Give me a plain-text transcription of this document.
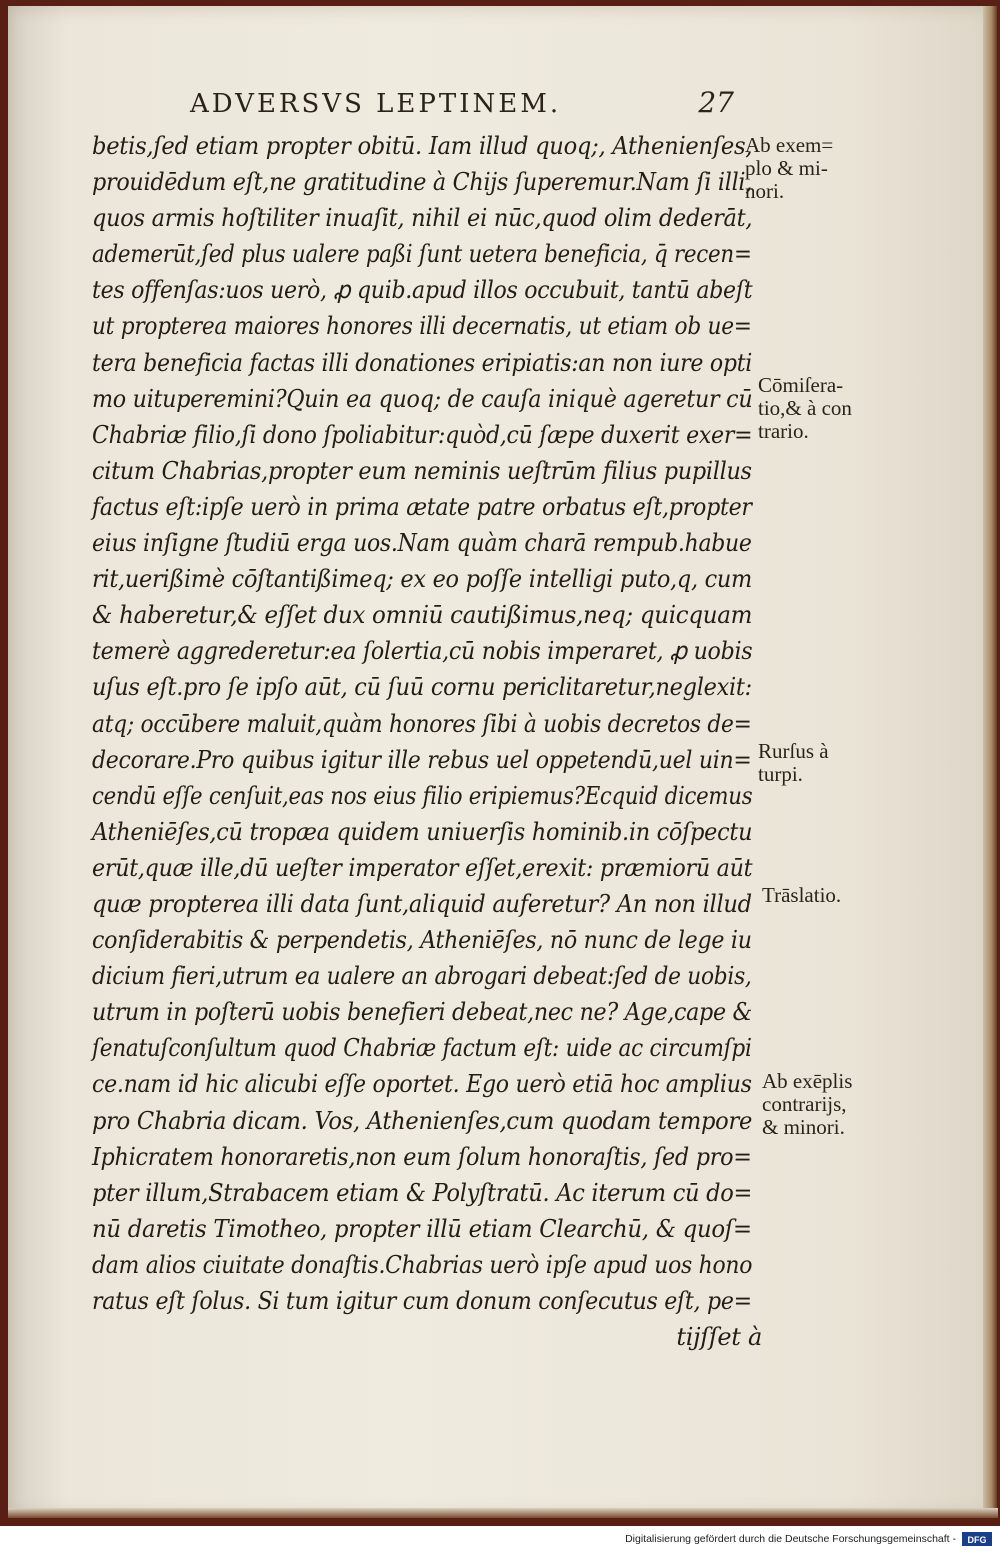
ADVERSVS LEPTINEM.	27
betis,ſed etiam propter obitū. Iam illud quoq;, Athenienſes,
prouidēdum eſt,ne gratitudine à Chijs ſuperemur.Nam ſi illi,
quos armis hoſtiliter inuaſit, nihil ei nūc,quod olim dederāt,
ademerūt,ſed plus ualere paßi ſunt uetera beneficia, q̄ recen=
tes offenſas:uos uerò, ꝓ quib.apud illos occubuit, tantū abeſt
ut propterea maiores honores illi decernatis, ut etiam ob ue=
tera beneficia factas illi donationes eripiatis:an non iure opti
mo uituperemini?Quin ea quoq; de cauſa iniquè ageretur cū
Chabriæ filio,ſi dono ſpoliabitur:quòd,cū ſæpe duxerit exer=
citum Chabrias,propter eum neminis ueſtrūm filius pupillus
factus eſt:ipſe uerò in prima ætate patre orbatus eſt,propter
eius inſigne ſtudiū erga uos.Nam quàm charā rempub.habue
rit,uerißimè cōſtantißimeq; ex eo poſſe intelligi puto,q, cum
& haberetur,& eſſet dux omniū cautißimus,neq; quicquam
temerè aggrederetur:ea ſolertia,cū nobis imperaret, ꝓ uobis
uſus eſt.pro ſe ipſo aūt, cū ſuū cornu periclitaretur,neglexit:
atq; occūbere maluit,quàm honores ſibi à uobis decretos de=
decorare.Pro quibus igitur ille rebus uel oppetendū,uel uin=
cendū eſſe cenſuit,eas nos eius filio eripiemus?Ecquid dicemus
Atheniēſes,cū tropæa quidem uniuerſis hominib.in cōſpectu
erūt,quæ ille,dū ueſter imperator eſſet,erexit: præmiorū aūt
quæ propterea illi data ſunt,aliquid auferetur? An non illud
conſiderabitis & perpendetis, Atheniēſes, nō nunc de lege iu
dicium fieri,utrum ea ualere an abrogari debeat:ſed de uobis,
utrum in poſterū uobis benefieri debeat,nec ne? Age,cape &
ſenatuſconſultum quod Chabriæ factum eſt: uide ac circumſpi
ce.nam id hic alicubi eſſe oportet. Ego uerò etiā hoc amplius
pro Chabria dicam. Vos, Athenienſes,cum quodam tempore
Iphicratem honoraretis,non eum ſolum honoraſtis, ſed pro=
pter illum,Strabacem etiam & Polyſtratū. Ac iterum cū do=
nū daretis Timotheo, propter illū etiam Clearchū, & quoſ=
dam alios ciuitate donaſtis.Chabrias uerò ipſe apud uos hono
ratus eſt ſolus. Si tum igitur cum donum conſecutus eſt, pe=
tijſſet à
Ab exem=
plo & mi-
nori.
Cōmiſera-
tio,& à con
trario.
Rurſus à
turpi.
Trāslatio.
Ab exēplis
contrarijs,
& minori.
Digitalisierung gefördert durch die Deutsche Forschungsgemeinschaft -	DFG
